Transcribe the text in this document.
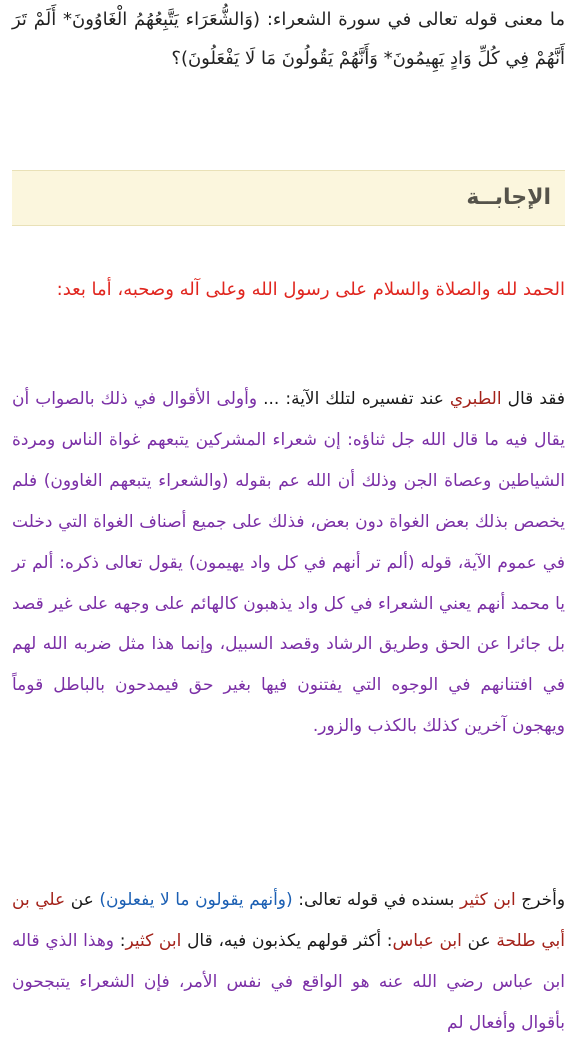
ما معنى قوله تعالى في سورة الشعراء: (وَالشُّعَرَاء يَتَّبِعُهُمُ الْغَاوُونَ* أَلَمْ تَرَ أَنَّهُمْ فِي كُلِّ وَادٍ يَهِيمُونَ* وَأَنَّهُمْ يَقُولُونَ مَا لَا يَفْعَلُونَ)؟
الإجابــة
الحمد لله والصلاة والسلام على رسول الله وعلى آله وصحبه، أما بعد:
فقد قال الطبري عند تفسيره لتلك الآية: ... وأولى الأقوال في ذلك بالصواب أن يقال فيه ما قال الله جل ثناؤه: إن شعراء المشركين يتبعهم غواة الناس ومردة الشياطين وعصاة الجن وذلك أن الله عم بقوله (والشعراء يتبعهم الغاوون) فلم يخصص بذلك بعض الغواة دون بعض، فذلك على جميع أصناف الغواة التي دخلت في عموم الآية، قوله (ألم تر أنهم في كل واد يهيمون) يقول تعالى ذكره: ألم تر يا محمد أنهم يعني الشعراء في كل واد يذهبون كالهائم على وجهه على غير قصد بل جائرا عن الحق وطريق الرشاد وقصد السبيل، وإنما هذا مثل ضربه الله لهم في افتنانهم في الوجوه التي يفتنون فيها بغير حق فيمدحون بالباطل قوماً ويهجون آخرين كذلك بالكذب والزور.
وأخرج ابن كثير بسنده في قوله تعالى: (وأنهم يقولون ما لا يفعلون) عن علي بن أبي طلحة عن ابن عباس: أكثر قولهم يكذبون فيه، قال ابن كثير: وهذا الذي قاله ابن عباس رضي الله عنه هو الواقع في نفس الأمر، فإن الشعراء يتبجحون بأقوال وأفعال لم
